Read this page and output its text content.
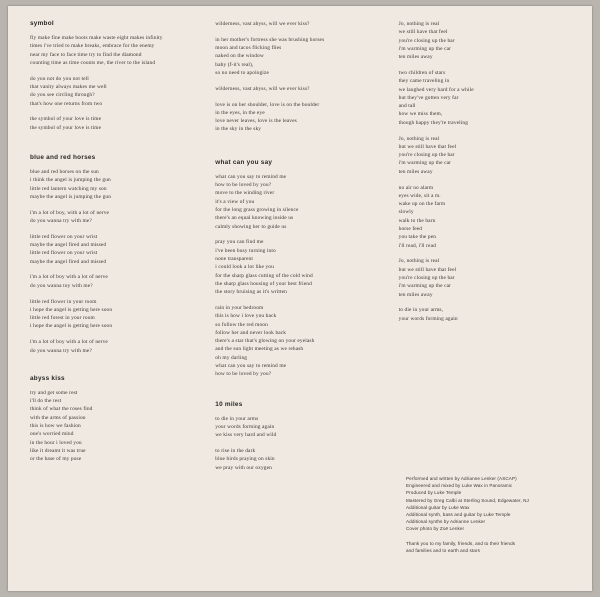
symbol
fly make fine make boots make waste eight makes infinity
times i've tried to make breaks, embrace for the enemy
near my face to face time try to find the diamond
counting time as time counts me, the river to the island
do you not do you not tell
that vanity always makes me well
do you see circling through?
that's how one returns from two
the symbol of your love is time
the symbol of your love is time
blue and red horses
blue and red horses on the sun
i think the angel is jumping the gun
little red lantern watching my son
maybe the angel is jumping the gun
i'm a lot of boy, with a lot of nerve
do you wanna try with me?
little red flower on your wrist
maybe the angel fired and missed
little red flower on your wrist
maybe the angel fired and missed
i'm a lot of boy with a lot of nerve
do you wanna toy with me?
little red flower in your room
i hope the angel is getting here soon
little red forest in your room
i hope the angel is getting here soon
i'm a lot of boy with a lot of nerve
do you wanna try with me?
abyss kiss
try and get some rest
i'll do the rest
think of what the roses find
with the arms of passion
this is how we fashion
one's worried mind
in the hour i loved you
like it dreamt it was true
or the base of my pose
wilderness, vast abyss, will we ever kiss?
in her mother's fortress she was brushing horses
moon and tacos flicking flies
naked on the window
baby (f-it's real),
so no need to apologize
wilderness, vast abyss, will we ever kiss?
love is on her shoulder, love is on the boulder
in the eyes, in the eye
love never leaves, love is the leaves
in the sky in the sky
what can you say
what can you say to remind me
how to be loved by you?
move to the winding river
it's a view of you
for the long grass growing in silence
there's an equal knowing inside us
calmly showing her to guide us
pray you can find me
i've been busy turning into
none transparent
i could look a lot like you
for the sharp glass cutting of the cold wind
the sharp glass housing of your best friend
the story bruising as it's written
rain in your bedroom
this is how i love you back
so follow the red moon
follow her and never look back
there's a star that's glowing on your eyelash
and the sun light meeting as we rehash
oh my darling
what can you say to remind me
how to be loved by you?
10 miles
to die in your arms
your words forming again
we kiss very hard and wild
to rise in the dark
blue birds praying on skin
we pray with our oxygen
Jo, nothing is real
we still have that feel
you're closing up the bar
i'm warming up the car
ten miles away
two children of stars
they came traveling in
we laughed very hard for a while
but they've gotten very far
and tall
how we miss them,
though happy they're traveling
Jo, nothing is real
but we still have that feel
you're closing up the bar
i'm warming up the car
ten miles away
no air no alarm
eyes wide, sit a m.
wake up on the farm
slowly
walk to the barn
horse feed
you take the pen
i'll read, i'll read
Jo, nothing is real
but we still have that feel
you're closing up the bar
i'm warming up the car
ten miles away
to die in your arms,
your words forming again
Performed and written by Adrianne Lenker (ASCAP)
Engineered and mixed by Luke Wax in Panoramic
Produced by Luke Temple
Mastered by Greg Calbi at Sterling Sound, Edgewater, NJ
Additional guitar by Luke Wax
Additional synth, bass and guitar by Luke Temple
Additional synths by Adrianne Lenker
Cover photo by Zoë Lenker
Thank you to my family, friends, and to their friends
and families and to earth and stars
